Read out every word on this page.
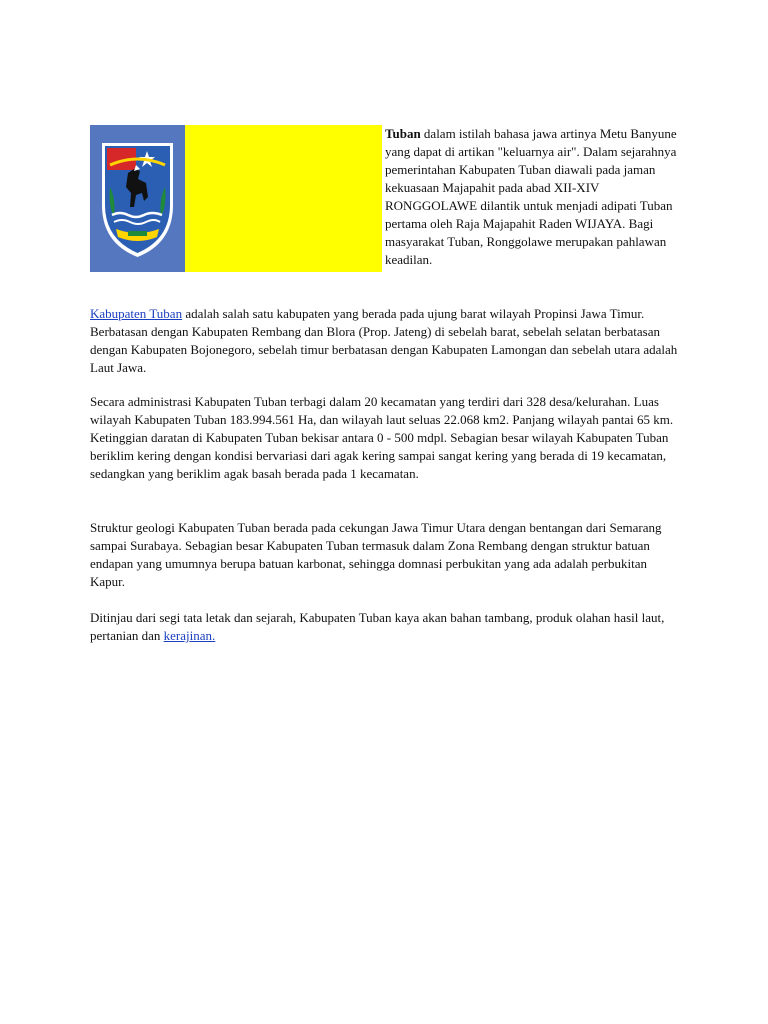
Tuban dalam istilah bahasa jawa artinya Metu Banyune yang dapat di artikan "keluarnya air". Dalam sejarahnya pemerintahan Kabupaten Tuban diawali pada jaman kekuasaan Majapahit pada abad XII-XIV RONGGOLAWE dilantik untuk menjadi adipati Tuban pertama oleh Raja Majapahit Raden WIJAYA. Bagi masyarakat Tuban, Ronggolawe merupakan pahlawan keadilan.

Kabupaten Tuban adalah salah satu kabupaten yang berada pada ujung barat wilayah Propinsi Jawa Timur. Berbatasan dengan Kabupaten Rembang dan Blora (Prop. Jateng) di sebelah barat, sebelah selatan berbatasan dengan Kabupaten Bojonegoro, sebelah timur berbatasan dengan Kabupaten Lamongan dan sebelah utara adalah Laut Jawa.

Secara administrasi Kabupaten Tuban terbagi dalam 20 kecamatan yang terdiri dari 328 desa/kelurahan. Luas wilayah Kabupaten Tuban 183.994.561 Ha, dan wilayah laut seluas 22.068 km2. Panjang wilayah pantai 65 km. Ketinggian daratan di Kabupaten Tuban bekisar antara 0 - 500 mdpl. Sebagian besar wilayah Kabupaten Tuban beriklim kering dengan kondisi bervariasi dari agak kering sampai sangat kering yang berada di 19 kecamatan, sedangkan yang beriklim agak basah berada pada 1 kecamatan.

Struktur geologi Kabupaten Tuban berada pada cekungan Jawa Timur Utara dengan bentangan dari Semarang sampai Surabaya. Sebagian besar Kabupaten Tuban termasuk dalam Zona Rembang dengan struktur batuan endapan yang umumnya berupa batuan karbonat, sehingga domnasi perbukitan yang ada adalah perbukitan Kapur.

Ditinjau dari segi tata letak dan sejarah, Kabupaten Tuban kaya akan bahan tambang, produk olahan hasil laut, pertanian dan kerajinan.
